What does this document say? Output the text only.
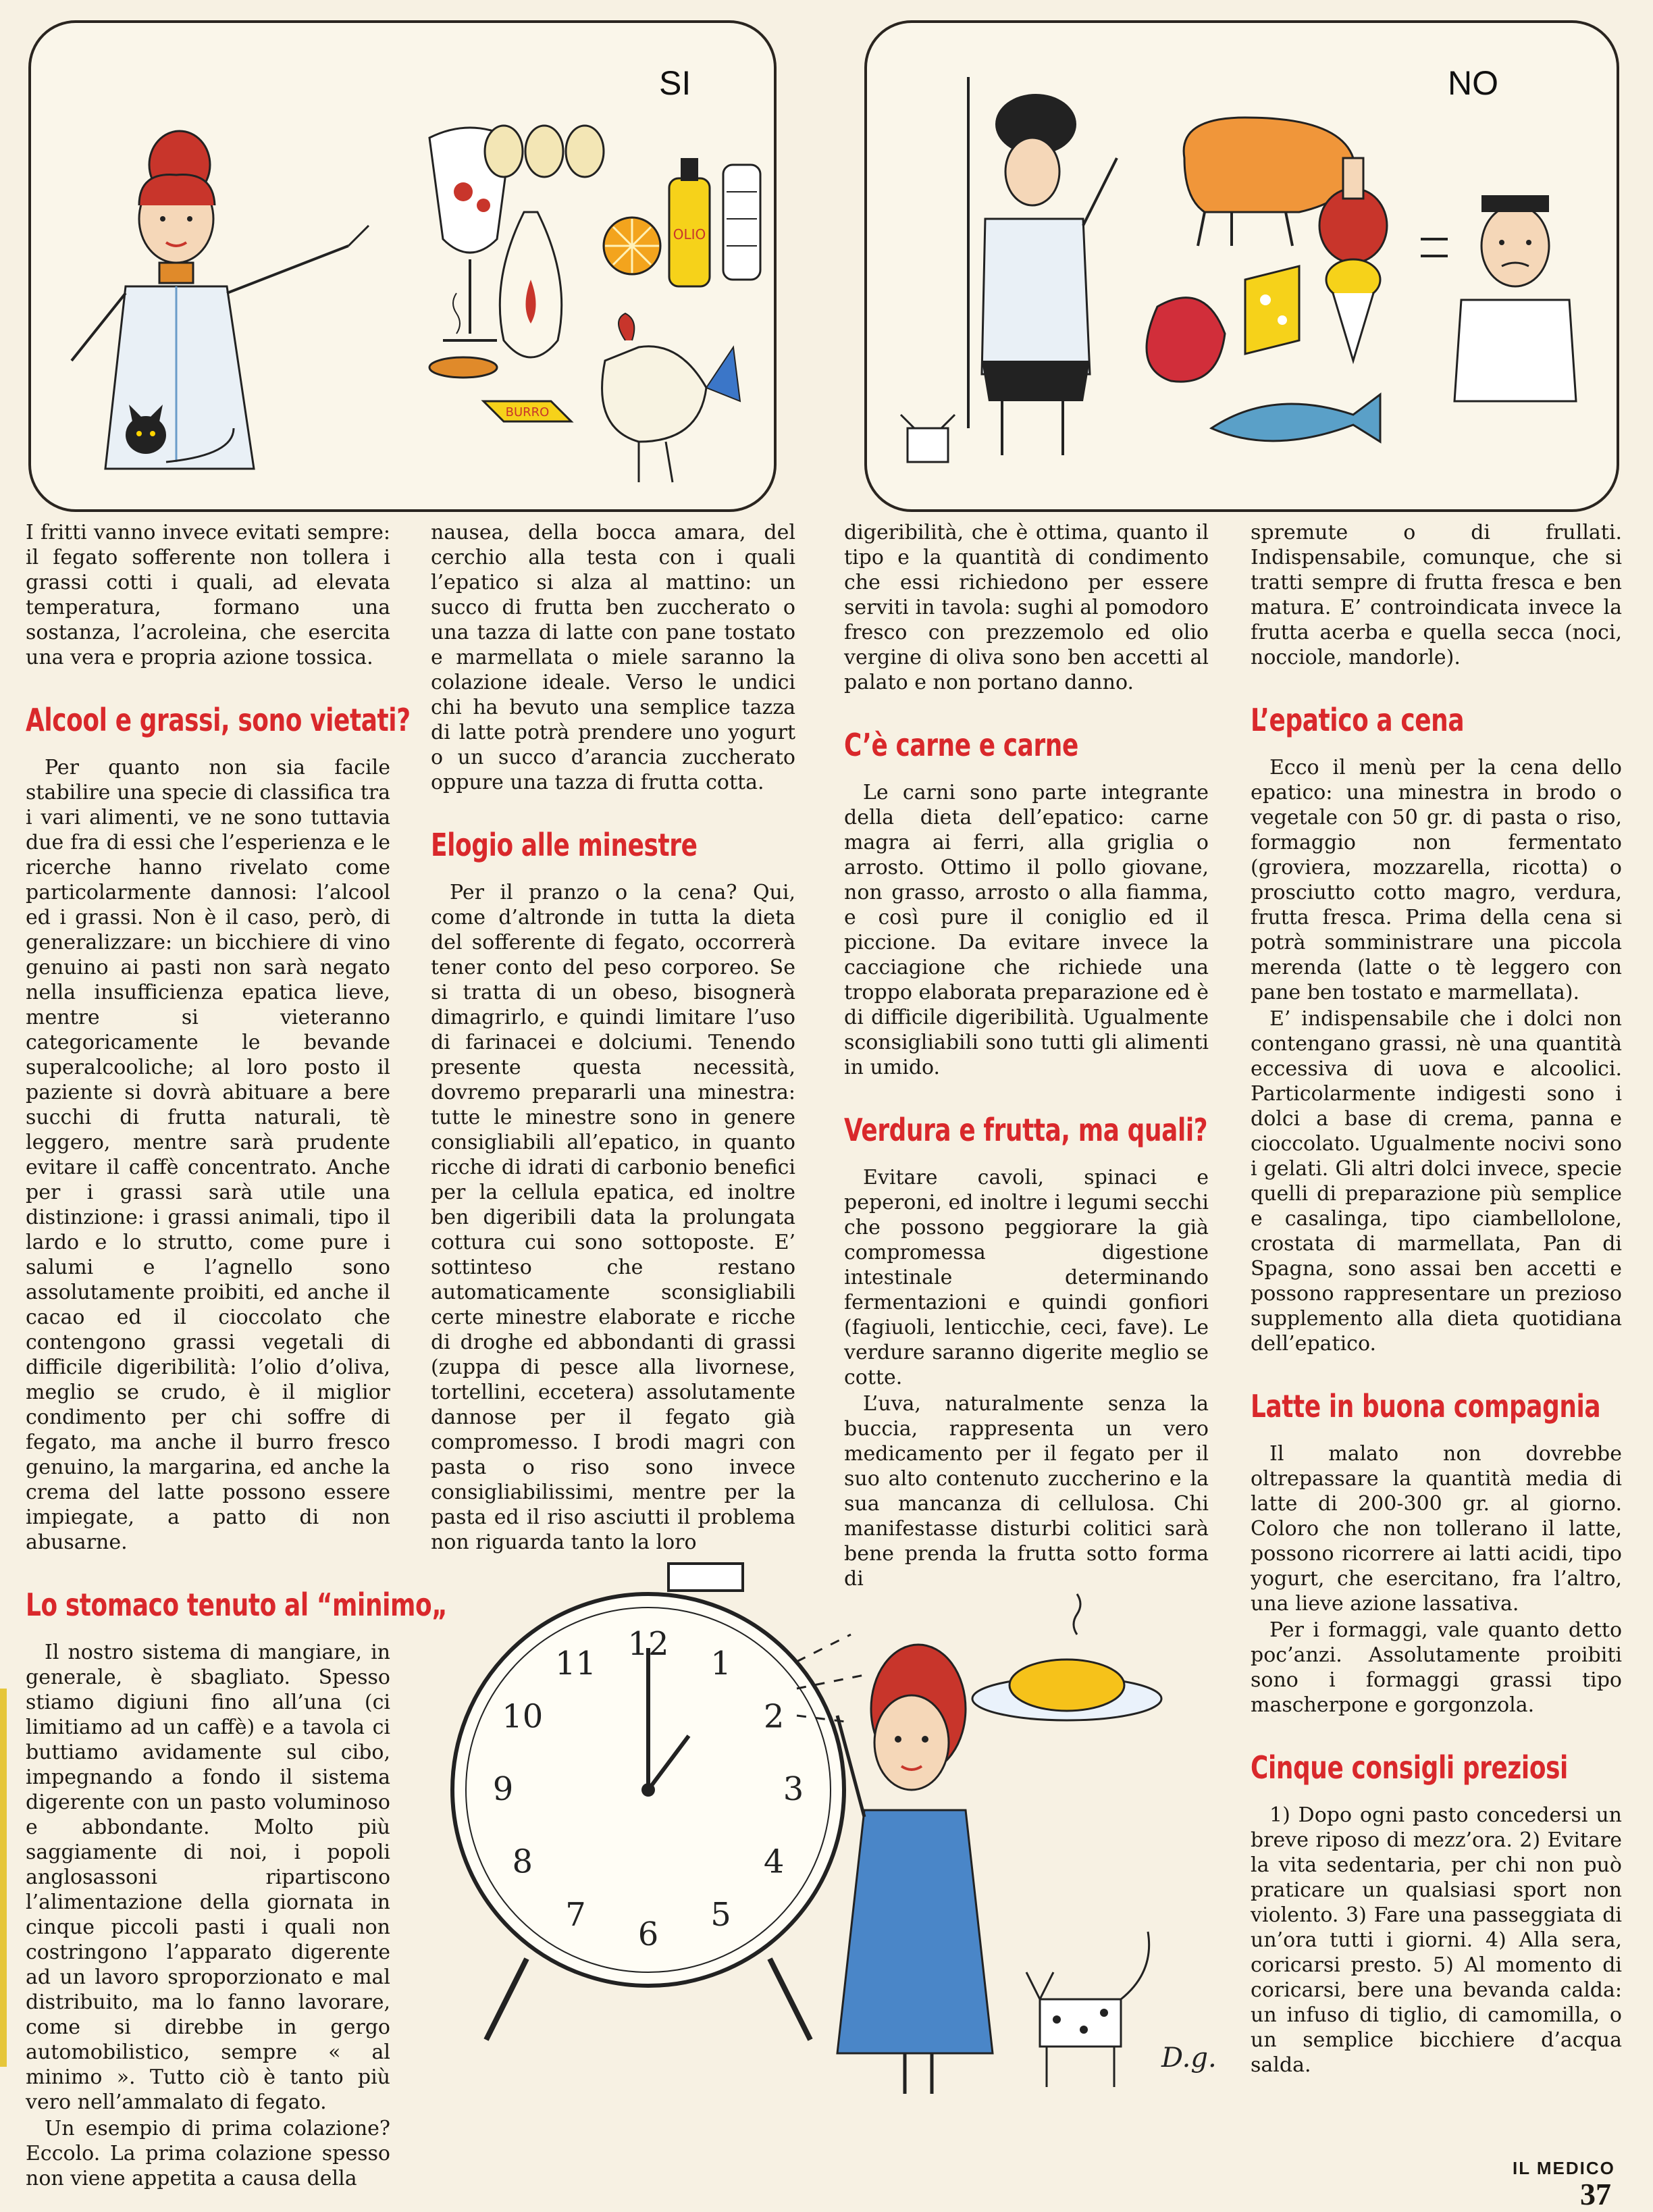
SI
OLIO
BURRO
NO

I fritti vanno invece evitati sempre: il fegato sofferente non tollera i grassi cotti i quali, ad elevata temperatura, formano una sostanza, l’acroleina, che esercita una vera e propria azione tossica.

Alcool e grassi, sono vietati?

Per quanto non sia facile stabilire una specie di classifica tra i vari alimenti, ve ne sono tuttavia due fra di essi che l’esperienza e le ricerche hanno rivelato come particolarmente dannosi: l’alcool ed i grassi. Non è il caso, però, di generalizzare: un bicchiere di vino genuino ai pasti non sarà negato nella insufficienza epatica lieve, mentre si vieteranno categoricamente le bevande superalcooliche; al loro posto il paziente si dovrà abituare a bere succhi di frutta naturali, tè leggero, mentre sarà prudente evitare il caffè concentrato. Anche per i grassi sarà utile una distinzione: i grassi animali, tipo il lardo e lo strutto, come pure i salumi e l’agnello sono assolutamente proibiti, ed anche il cacao ed il cioccolato che contengono grassi vegetali di difficile digeribilità: l’olio d’oliva, meglio se crudo, è il miglior condimento per chi soffre di fegato, ma anche il burro fresco genuino, la margarina, ed anche la crema del latte possono essere impiegate, a patto di non abusarne.

Lo stomaco tenuto al “minimo„

Il nostro sistema di mangiare, in generale, è sbagliato. Spesso stiamo digiuni fino all’una (ci limitiamo ad un caffè) e a tavola ci buttiamo avidamente sul cibo, impegnando a fondo il sistema digerente con un pasto voluminoso e abbondante. Molto più saggiamente di noi, i popoli anglosassoni ripartiscono l’alimentazione della giornata in cinque piccoli pasti i quali non costringono l’apparato digerente ad un lavoro sproporzionato e mal distribuito, ma lo fanno lavorare, come si direbbe in gergo automobilistico, sempre « al minimo ». Tutto ciò è tanto più vero nell’ammalato di fegato.

Un esempio di prima colazione? Eccolo. La prima colazione spesso non viene appetita a causa della

nausea, della bocca amara, del cerchio alla testa con i quali l’epatico si alza al mattino: un succo di frutta ben zuccherato o una tazza di latte con pane tostato e marmellata o miele saranno la colazione ideale. Verso le undici chi ha bevuto una semplice tazza di latte potrà prendere uno yogurt o un succo d’arancia zuccherato oppure una tazza di frutta cotta.

Elogio alle minestre

Per il pranzo o la cena? Qui, come d’altronde in tutta la dieta del sofferente di fegato, occorrerà tener conto del peso corporeo. Se si tratta di un obeso, bisognerà dimagrirlo, e quindi limitare l’uso di farinacei e dolciumi. Tenendo presente questa necessità, dovremo prepararli una minestra: tutte le minestre sono in genere consigliabili all’epatico, in quanto ricche di idrati di carbonio benefici per la cellula epatica, ed inoltre ben digeribili data la prolungata cottura cui sono sottoposte. E’ sottinteso che restano automaticamente sconsigliabili certe minestre elaborate e ricche di droghe ed abbondanti di grassi (zuppa di pesce alla livornese, tortellini, eccetera) assolutamente dannose per il fegato già compromesso. I brodi magri con pasta o riso sono invece consigliabilissimi, mentre per la pasta ed il riso asciutti il problema non riguarda tanto la loro

digeribilità, che è ottima, quanto il tipo e la quantità di condimento che essi richiedono per essere serviti in tavola: sughi al pomodoro fresco con prezzemolo ed olio vergine di oliva sono ben accetti al palato e non portano danno.

C’è carne e carne

Le carni sono parte integrante della dieta dell’epatico: carne magra ai ferri, alla griglia o arrosto. Ottimo il pollo giovane, non grasso, arrosto o alla fiamma, e così pure il coniglio ed il piccione. Da evitare invece la cacciagione che richiede una troppo elaborata preparazione ed è di difficile digeribilità. Ugualmente sconsigliabili sono tutti gli alimenti in umido.

Verdura e frutta, ma quali?

Evitare cavoli, spinaci e peperoni, ed inoltre i legumi secchi che possono peggiorare la già compromessa digestione intestinale determinando fermentazioni e quindi gonfiori (fagiuoli, lenticchie, ceci, fave). Le verdure saranno digerite meglio se cotte.

L’uva, naturalmente senza la buccia, rappresenta un vero medicamento per il fegato per il suo alto contenuto zuccherino e la sua mancanza di cellulosa. Chi manifestasse disturbi colitici sarà bene prenda la frutta sotto forma di

spremute o di frullati. Indispensabile, comunque, che si tratti sempre di frutta fresca e ben matura. E’ controindicata invece la frutta acerba e quella secca (noci, nocciole, mandorle).

L’epatico a cena

Ecco il menù per la cena dello epatico: una minestra in brodo o vegetale con 50 gr. di pasta o riso, formaggio non fermentato (groviera, mozzarella, ricotta) o prosciutto cotto magro, verdura, frutta fresca. Prima della cena si potrà somministrare una piccola merenda (latte o tè leggero con pane ben tostato e marmellata).

E’ indispensabile che i dolci non contengano grassi, nè una quantità eccessiva di uova e alcoolici. Particolarmente indigesti sono i dolci a base di crema, panna e cioccolato. Ugualmente nocivi sono i gelati. Gli altri dolci invece, specie quelli di preparazione più semplice e casalinga, tipo ciambellolone, crostata di marmellata, Pan di Spagna, sono assai ben accetti e possono rappresentare un prezioso supplemento alla dieta quotidiana dell’epatico.

Latte in buona compagnia

Il malato non dovrebbe oltrepassare la quantità media di latte di 200-300 gr. al giorno. Coloro che non tollerano il latte, possono ricorrere ai latti acidi, tipo yogurt, che esercitano, fra l’altro, una lieve azione lassativa.

Per i formaggi, vale quanto detto poc’anzi. Assolutamente proibiti sono i formaggi grassi tipo mascherpone e gorgonzola.

Cinque consigli preziosi

1) Dopo ogni pasto concedersi un breve riposo di mezz’ora. 2) Evitare la vita sedentaria, per chi non può praticare un qualsiasi sport non violento. 3) Fare una passeggiata di un’ora tutti i giorni. 4) Alla sera, coricarsi presto. 5) Al momento di coricarsi, bere una bevanda calda: un infuso di tiglio, di camomilla, o un semplice bicchiere d’acqua salda.

12
1
2
3
4
5
6
7
8
9
10
11
D.g.
IL MEDICO
37
